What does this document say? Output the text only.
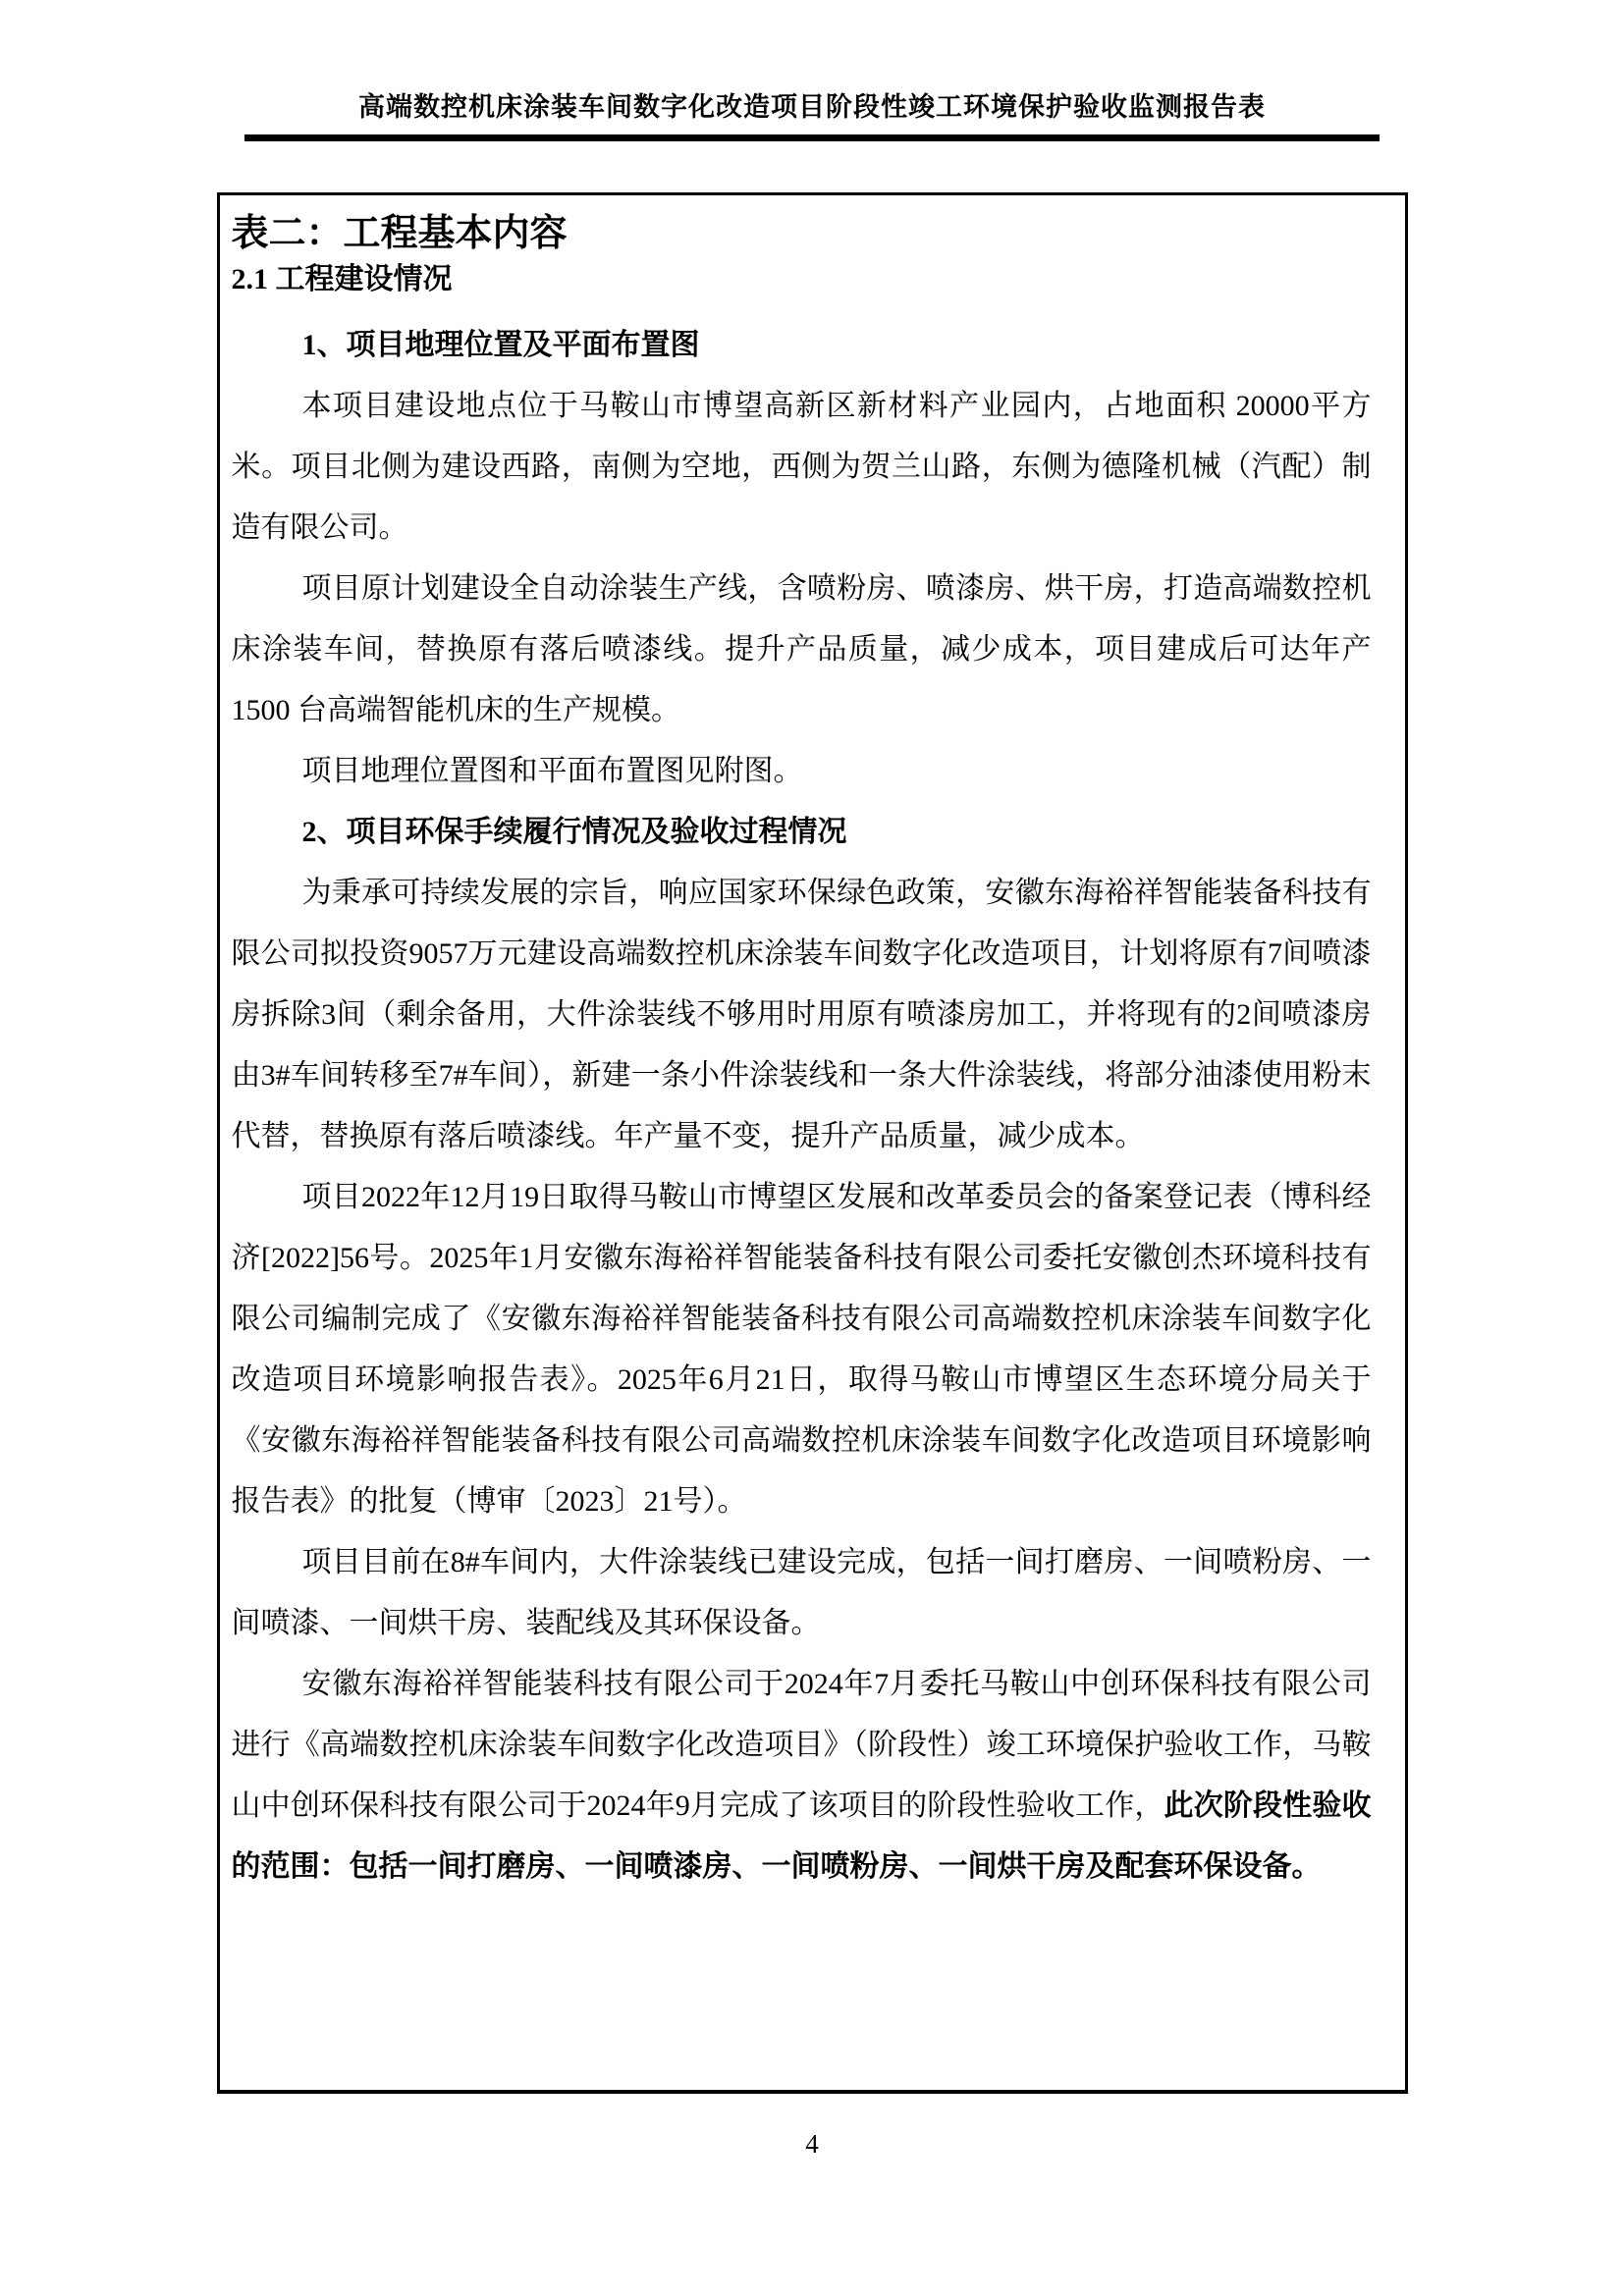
高端数控机床涂装车间数字化改造项目阶段性竣工环境保护验收监测报告表
表二：工程基本内容
2.1 工程建设情况
1、项目地理位置及平面布置图
本项目建设地点位于马鞍山市博望高新区新材料产业园内，占地面积 20000平方米。项目北侧为建设西路，南侧为空地，西侧为贺兰山路，东侧为德隆机械（汽配）制造有限公司。
项目原计划建设全自动涂装生产线，含喷粉房、喷漆房、烘干房，打造高端数控机床涂装车间，替换原有落后喷漆线。提升产品质量，减少成本，项目建成后可达年产 1500 台高端智能机床的生产规模。
项目地理位置图和平面布置图见附图。
2、项目环保手续履行情况及验收过程情况
为秉承可持续发展的宗旨，响应国家环保绿色政策，安徽东海裕祥智能装备科技有限公司拟投资9057万元建设高端数控机床涂装车间数字化改造项目，计划将原有7间喷漆房拆除3间（剩余备用，大件涂装线不够用时用原有喷漆房加工，并将现有的2间喷漆房由3#车间转移至7#车间），新建一条小件涂装线和一条大件涂装线，将部分油漆使用粉末代替，替换原有落后喷漆线。年产量不变，提升产品质量，减少成本。
项目2022年12月19日取得马鞍山市博望区发展和改革委员会的备案登记表（博科经济[2022]56号。2025年1月安徽东海裕祥智能装备科技有限公司委托安徽创杰环境科技有限公司编制完成了《安徽东海裕祥智能装备科技有限公司高端数控机床涂装车间数字化改造项目环境影响报告表》。2025年6月21日，取得马鞍山市博望区生态环境分局关于《安徽东海裕祥智能装备科技有限公司高端数控机床涂装车间数字化改造项目环境影响报告表》的批复（博审〔2023〕21号）。
项目目前在8#车间内，大件涂装线已建设完成，包括一间打磨房、一间喷粉房、一间喷漆、一间烘干房、装配线及其环保设备。
安徽东海裕祥智能装科技有限公司于2024年7月委托马鞍山中创环保科技有限公司进行《高端数控机床涂装车间数字化改造项目》（阶段性）竣工环境保护验收工作，马鞍山中创环保科技有限公司于2024年9月完成了该项目的阶段性验收工作，此次阶段性验收的范围：包括一间打磨房、一间喷漆房、一间喷粉房、一间烘干房及配套环保设备。
4
